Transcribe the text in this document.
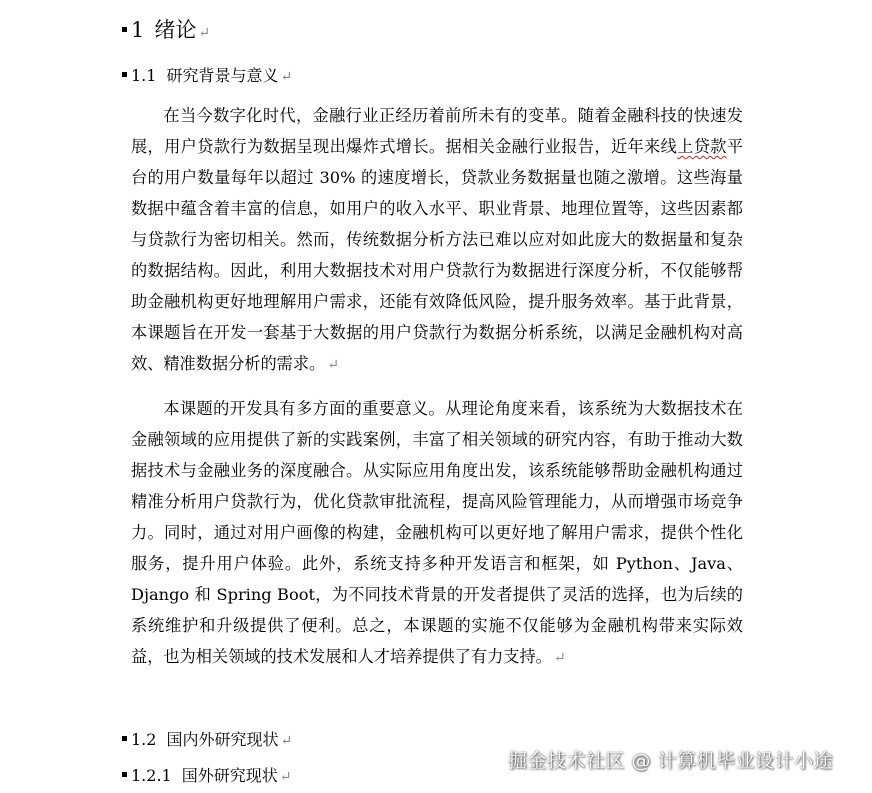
1 绪论 ↵
1.1 研究背景与意义 ↵
在当今数字化时代，金融行业正经历着前所未有的变革。随着金融科技的快速发展，用户贷款行为数据呈现出爆炸式增长。据相关金融行业报告，近年来线上贷款平台的用户数量每年以超过 30% 的速度增长，贷款业务数据量也随之激增。这些海量数据中蕴含着丰富的信息，如用户的收入水平、职业背景、地理位置等，这些因素都与贷款行为密切相关。然而，传统数据分析方法已难以应对如此庞大的数据量和复杂的数据结构。因此，利用大数据技术对用户贷款行为数据进行深度分析，不仅能够帮助金融机构更好地理解用户需求，还能有效降低风险，提升服务效率。基于此背景，本课题旨在开发一套基于大数据的用户贷款行为数据分析系统，以满足金融机构对高效、精准数据分析的需求。 ↵
本课题的开发具有多方面的重要意义。从理论角度来看，该系统为大数据技术在金融领域的应用提供了新的实践案例，丰富了相关领域的研究内容，有助于推动大数据技术与金融业务的深度融合。从实际应用角度出发，该系统能够帮助金融机构通过精准分析用户贷款行为，优化贷款审批流程，提高风险管理能力，从而增强市场竞争力。同时，通过对用户画像的构建，金融机构可以更好地了解用户需求，提供个性化服务，提升用户体验。此外，系统支持多种开发语言和框架，如 Python、Java、Django 和 Spring Boot，为不同技术背景的开发者提供了灵活的选择，也为后续的系统维护和升级提供了便利。总之，本课题的实施不仅能够为金融机构带来实际效益，也为相关领域的技术发展和人才培养提供了有力支持。 ↵
1.2 国内外研究现状 ↵
1.2.1 国外研究现状 ↵
掘金技术社区 @ 计算机毕业设计小途
